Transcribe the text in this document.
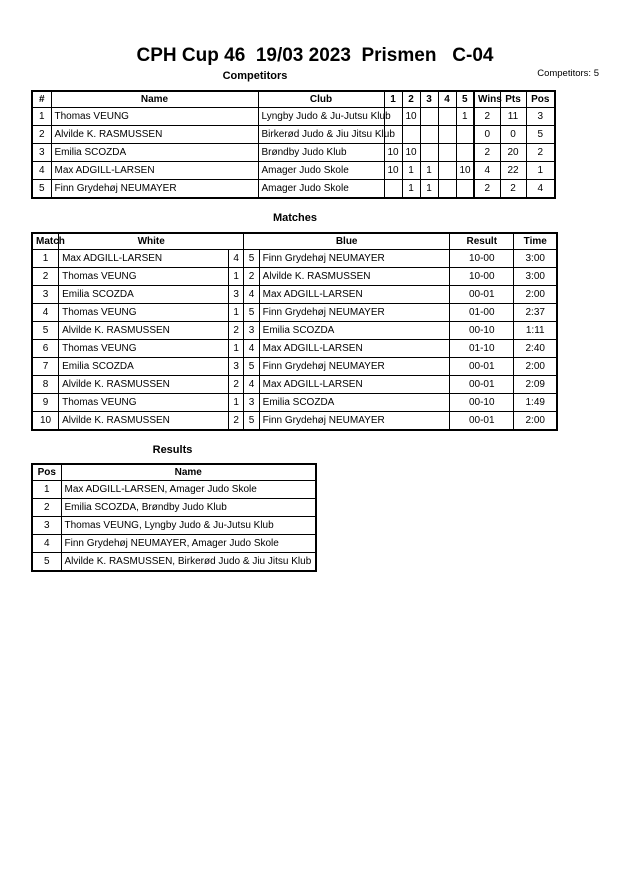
CPH Cup 46  19/03 2023  Prismen   C-04
Competitors: 5
Competitors
#	Name	Club	1	2	3	4	5	Wins	Pts	Pos
1	Thomas VEUNG	Lyngby Judo & Ju-Jutsu Klub		10			1	2	11	3
2	Alvilde K. RASMUSSEN	Birkerød Judo & Jiu Jitsu Klub						0	0	5
3	Emilia SCOZDA	Brøndby Judo Klub	10	10				2	20	2
4	Max ADGILL-LARSEN	Amager Judo Skole	10	1	1		10	4	22	1
5	Finn Grydehøj NEUMAYER	Amager Judo Skole		1	1			2	2	4
Matches
Match	White		Blue		Result	Time
1	Max ADGILL-LARSEN	4	5	Finn Grydehøj NEUMAYER	10-00	3:00
2	Thomas VEUNG	1	2	Alvilde K. RASMUSSEN	10-00	3:00
3	Emilia SCOZDA	3	4	Max ADGILL-LARSEN	00-01	2:00
4	Thomas VEUNG	1	5	Finn Grydehøj NEUMAYER	01-00	2:37
5	Alvilde K. RASMUSSEN	2	3	Emilia SCOZDA	00-10	1:11
6	Thomas VEUNG	1	4	Max ADGILL-LARSEN	01-10	2:40
7	Emilia SCOZDA	3	5	Finn Grydehøj NEUMAYER	00-01	2:00
8	Alvilde K. RASMUSSEN	2	4	Max ADGILL-LARSEN	00-01	2:09
9	Thomas VEUNG	1	3	Emilia SCOZDA	00-10	1:49
10	Alvilde K. RASMUSSEN	2	5	Finn Grydehøj NEUMAYER	00-01	2:00
Results
Pos	Name
1	Max ADGILL-LARSEN, Amager Judo Skole
2	Emilia SCOZDA, Brøndby Judo Klub
3	Thomas VEUNG, Lyngby Judo & Ju-Jutsu Klub
4	Finn Grydehøj NEUMAYER, Amager Judo Skole
5	Alvilde K. RASMUSSEN, Birkerød Judo & Jiu Jitsu Klub
